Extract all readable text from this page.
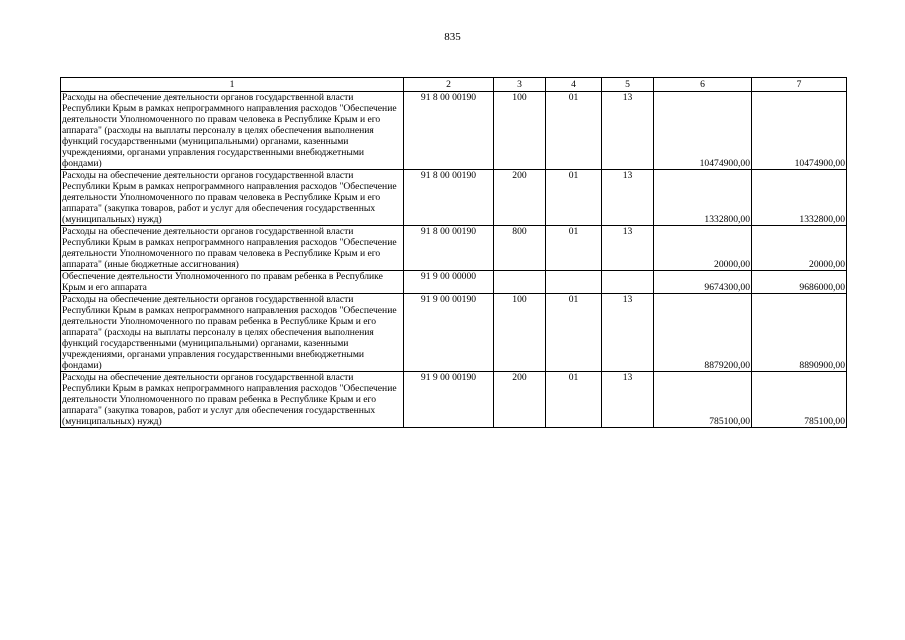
835
1	2	3	4	5	6	7
Расходы на обеспечение деятельности органов государственной власти Республики Крым в рамках непрограммного направления расходов "Обеспечение деятельности Уполномоченного по правам человека в Республике Крым и его аппарата" (расходы на выплаты персоналу в целях обеспечения выполнения функций государственными (муниципальными) органами, казенными учреждениями, органами управления государственными внебюджетными фондами)	91 8 00 00190	100	01	13	10474900,00	10474900,00
Расходы на обеспечение деятельности органов государственной власти Республики Крым в рамках непрограммного направления расходов "Обеспечение деятельности Уполномоченного по правам человека в Республике Крым и его аппарата" (закупка товаров, работ и услуг для обеспечения государственных (муниципальных) нужд)	91 8 00 00190	200	01	13	1332800,00	1332800,00
Расходы на обеспечение деятельности органов государственной власти Республики Крым в рамках непрограммного направления расходов "Обеспечение деятельности Уполномоченного по правам человека в Республике Крым и его аппарата" (иные бюджетные ассигнования)	91 8 00 00190	800	01	13	20000,00	20000,00
Обеспечение деятельности Уполномоченного по правам ребенка в Республике Крым и его аппарата	91 9 00 00000				9674300,00	9686000,00
Расходы на обеспечение деятельности органов государственной власти Республики Крым в рамках непрограммного направления расходов "Обеспечение деятельности Уполномоченного по правам ребенка в Республике Крым и его аппарата" (расходы на выплаты персоналу в целях обеспечения выполнения функций государственными (муниципальными) органами, казенными учреждениями, органами управления государственными внебюджетными фондами)	91 9 00 00190	100	01	13	8879200,00	8890900,00
Расходы на обеспечение деятельности органов государственной власти Республики Крым в рамках непрограммного направления расходов "Обеспечение деятельности Уполномоченного по правам ребенка в Республике Крым и его аппарата" (закупка товаров, работ и услуг для обеспечения государственных (муниципальных) нужд)	91 9 00 00190	200	01	13	785100,00	785100,00
